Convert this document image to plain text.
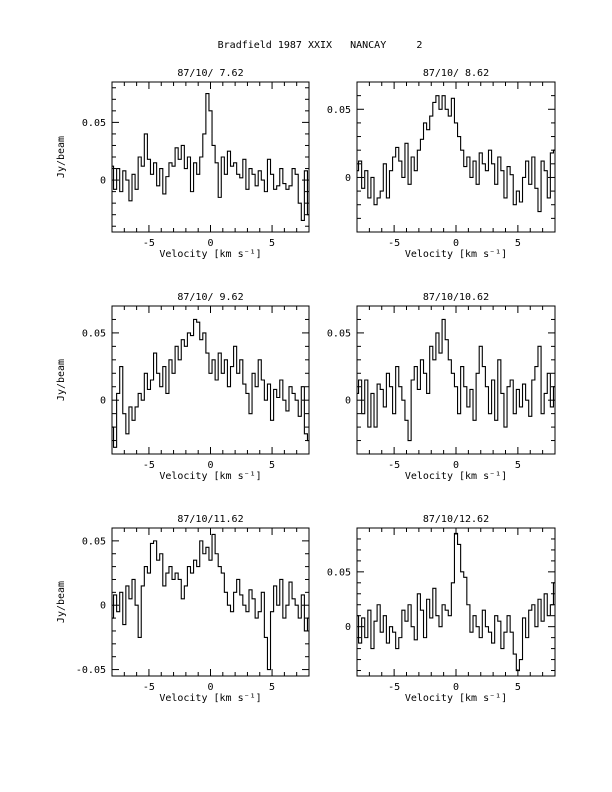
Bradfield 1987 XXIX   NANCAY     2
87/10/ 7.62
-5	0	5
0
0.05
Velocity [km s⁻¹]
Jy/beam
87/10/ 8.62
-5	0	5
0
0.05
Velocity [km s⁻¹]
87/10/ 9.62
-5	0	5
0
0.05
Velocity [km s⁻¹]
Jy/beam
87/10/10.62
-5	0	5
0
0.05
Velocity [km s⁻¹]
87/10/11.62
-5	0	5
-0.05
0
0.05
Velocity [km s⁻¹]
Jy/beam
87/10/12.62
-5	0	5
0
0.05
Velocity [km s⁻¹]
